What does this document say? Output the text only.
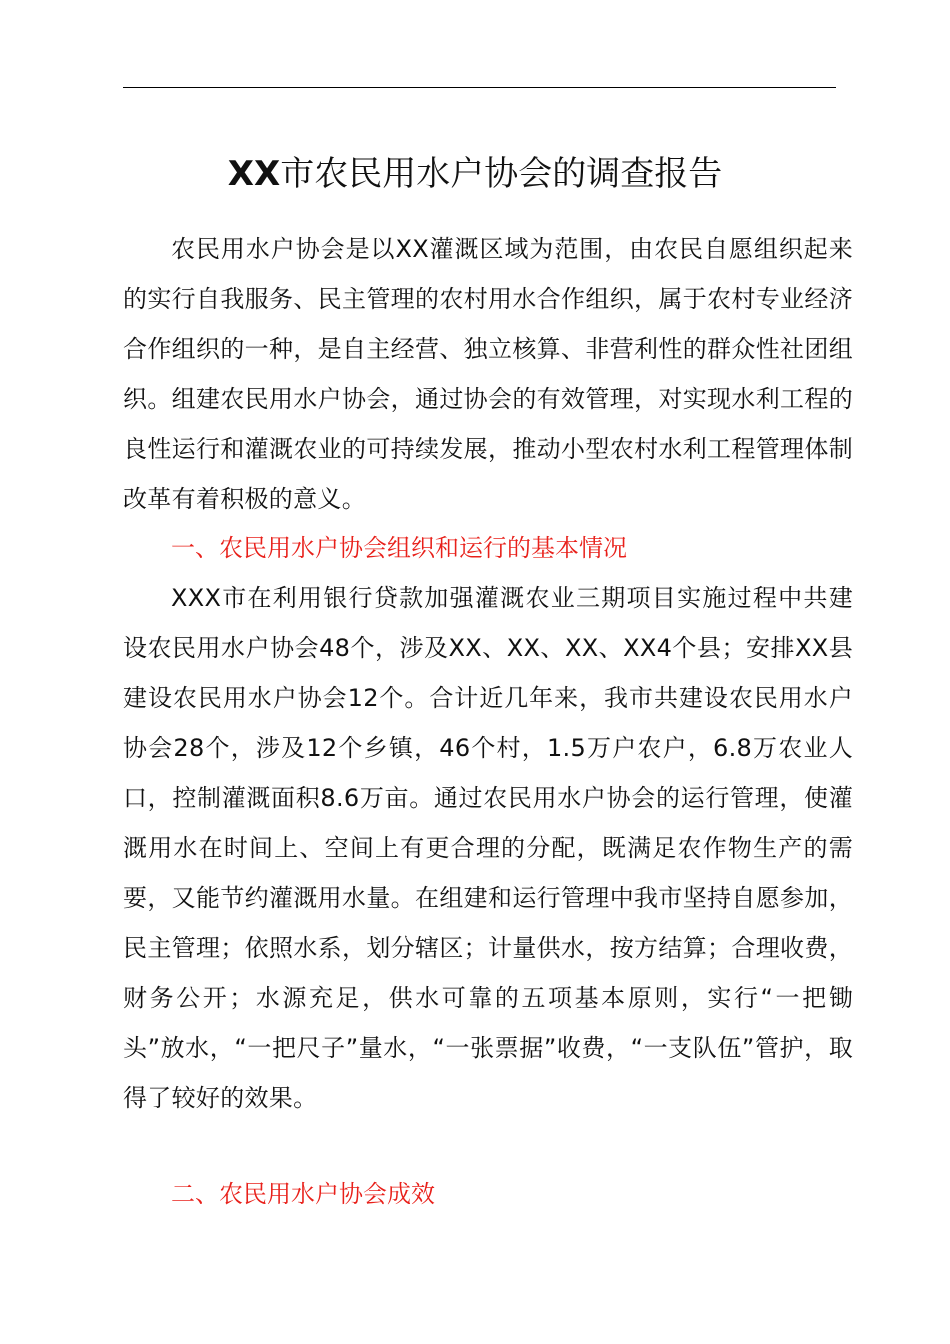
XX市农民用水户协会的调查报告

农民用水户协会是以XX灌溉区域为范围，由农民自愿组织起来的实行自我服务、民主管理的农村用水合作组织，属于农村专业经济合作组织的一种，是自主经营、独立核算、非营利性的群众性社团组织。组建农民用水户协会，通过协会的有效管理，对实现水利工程的良性运行和灌溉农业的可持续发展，推动小型农村水利工程管理体制改革有着积极的意义。

一、农民用水户协会组织和运行的基本情况

XXX市在利用银行贷款加强灌溉农业三期项目实施过程中共建设农民用水户协会48个，涉及XX、XX、XX、XX4个县；安排XX县建设农民用水户协会12个。合计近几年来，我市共建设农民用水户协会28个，涉及12个乡镇，46个村，1.5万户农户，6.8万农业人口，控制灌溉面积8.6万亩。通过农民用水户协会的运行管理，使灌溉用水在时间上、空间上有更合理的分配，既满足农作物生产的需要，又能节约灌溉用水量。在组建和运行管理中我市坚持自愿参加，民主管理；依照水系，划分辖区；计量供水，按方结算；合理收费，财务公开；水源充足，供水可靠的五项基本原则，实行“一把锄头”放水，“一把尺子”量水，“一张票据”收费，“一支队伍”管护，取得了较好的效果。

二、农民用水户协会成效
